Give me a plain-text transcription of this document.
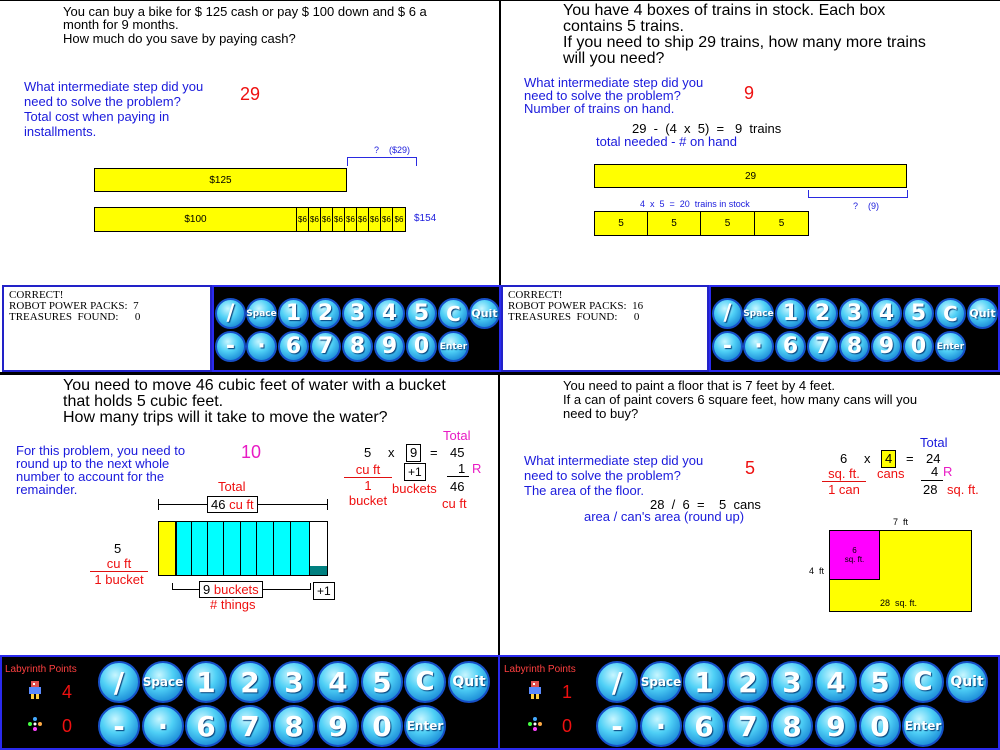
You can buy a bike for $ 125 cash or pay $ 100 down and $ 6 a
month for 9 months.
How much do you save by paying cash?
What intermediate step did you
need to solve the problem?
Total cost when paying in
installments.
29
?    ($29)
$125
$100	$6 $6 $6 $6 $6 $6 $6 $6 $6 $154
You have 4 boxes of trains in stock. Each box
contains 5 trains.
If you need to ship 29 trains, how many more trains
will you need?
What intermediate step did you
need to solve the problem?
Number of trains on hand.
9
29  -  (4  x  5)  =   9  trains
total needed - # on hand
29
?    (9)
4  x  5  =  20  trains in stock
5	5	5	5
CORRECT!
ROBOT POWER PACKS:  7
TREASURES  FOUND:      0	/	Space 1 2 3 4 5 C Quit
-	· 6 7 8 9 0	Enter
CORRECT!
ROBOT POWER PACKS:  16
TREASURES  FOUND:      0	/	Space 1 2 3 4 5 C	Quit
-	· 6 7 8 9 0	Enter
You need to move 46 cubic feet of water with a bucket
that holds 5 cubic feet.
How many trips will it take to move the water?
For this problem, you need to
round up to the next whole
number to account for the
remainder.
10
Total
5 x	9 = 45
cu ft
1 bucket
+1
buckets
1 R
46
cu ft
Total
46 cu ft
5
cu ft
1 bucket
9 buckets
# things
+1
You need to paint a floor that is 7 feet by 4 feet.
If a can of paint covers 6 square feet, how many cans will you
need to buy?
What intermediate step did you
need to solve the problem?
The area of the floor.
5
Total
6 x	4	= 24
sq. ft.
1 can
cans 4 R
28 sq. ft.
28  /  6  =    5  cans
area / can's area (round up)	7  ft
4  ft
6
sq. ft.
28  sq. ft.
Labyrinth Points
4
0
/	Space 1 2 3 4 5 C	Quit
-	· 6 7 8 9 0	Enter
Labyrinth Points
1
0
/	Space 1 2 3 4 5 C	Quit
-	· 6 7 8 9 0	Enter
